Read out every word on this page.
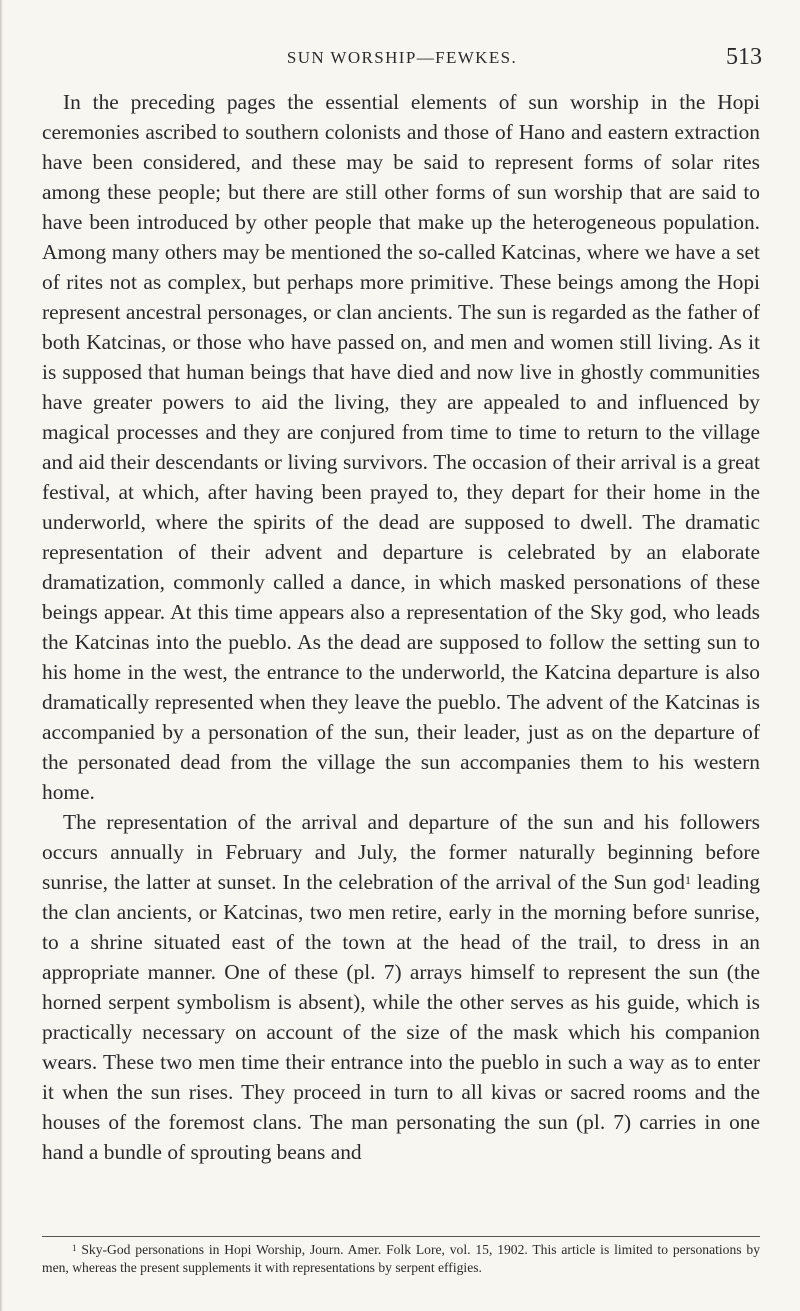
SUN WORSHIP—FEWKES.	513

In the preceding pages the essential elements of sun worship in the Hopi ceremonies ascribed to southern colonists and those of Hano and eastern extraction have been considered, and these may be said to represent forms of solar rites among these people; but there are still other forms of sun worship that are said to have been introduced by other people that make up the heterogeneous population. Among many others may be mentioned the so-called Katcinas, where we have a set of rites not as complex, but perhaps more primitive. These beings among the Hopi represent ancestral personages, or clan ancients. The sun is regarded as the father of both Katcinas, or those who have passed on, and men and women still living. As it is supposed that human beings that have died and now live in ghostly communities have greater powers to aid the living, they are appealed to and influenced by magical processes and they are conjured from time to time to return to the village and aid their descendants or living survivors. The occasion of their arrival is a great festival, at which, after having been prayed to, they depart for their home in the underworld, where the spirits of the dead are supposed to dwell. The dramatic representation of their advent and departure is celebrated by an elaborate dramatization, commonly called a dance, in which masked personations of these beings appear. At this time appears also a representation of the Sky god, who leads the Katcinas into the pueblo. As the dead are supposed to follow the setting sun to his home in the west, the entrance to the underworld, the Katcina departure is also dramatically represented when they leave the pueblo. The advent of the Katcinas is accompanied by a personation of the sun, their leader, just as on the departure of the personated dead from the village the sun accompanies them to his western home.

The representation of the arrival and departure of the sun and his followers occurs annually in February and July, the former naturally beginning before sunrise, the latter at sunset. In the celebration of the arrival of the Sun god$^1$ leading the clan ancients, or Katcinas, two men retire, early in the morning before sunrise, to a shrine situated east of the town at the head of the trail, to dress in an appropriate manner. One of these (pl. 7) arrays himself to represent the sun (the horned serpent symbolism is absent), while the other serves as his guide, which is practically necessary on account of the size of the mask which his companion wears. These two men time their entrance into the pueblo in such a way as to enter it when the sun rises. They proceed in turn to all kivas or sacred rooms and the houses of the foremost clans. The man personating the sun (pl. 7) carries in one hand a bundle of sprouting beans and

$^1$ Sky-God personations in Hopi Worship, Journ. Amer. Folk Lore, vol. 15, 1902. This article is limited to personations by men, whereas the present supplements it with representations by serpent effigies.
